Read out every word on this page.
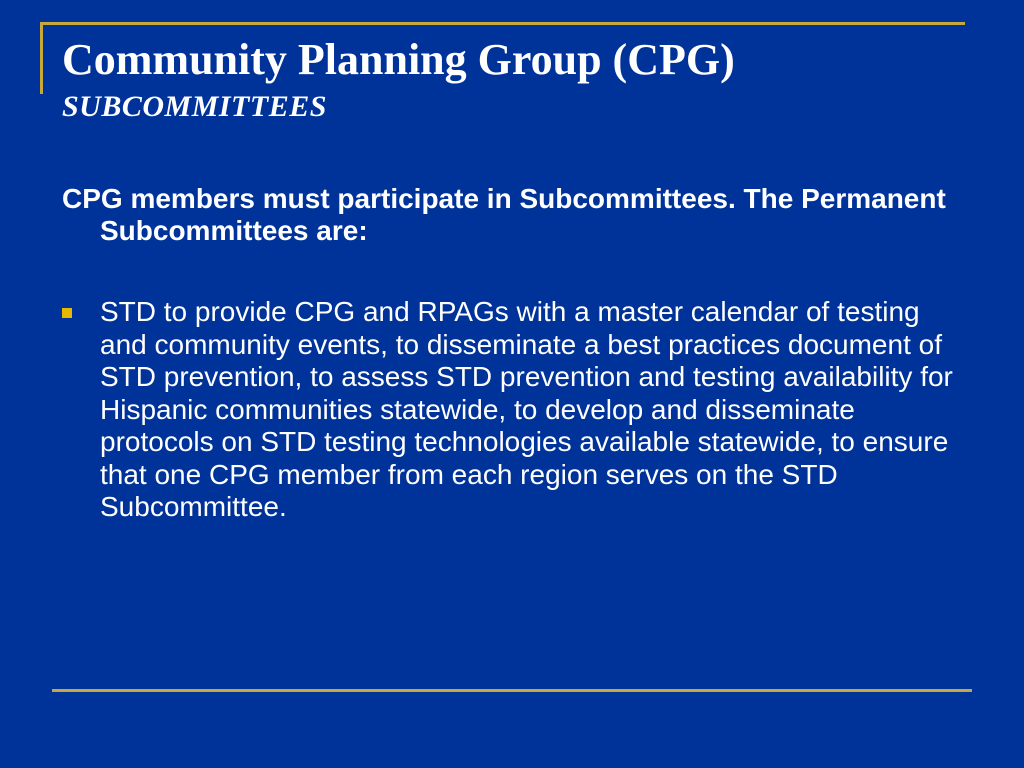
Community Planning Group (CPG)
SUBCOMMITTEES

CPG members must participate in Subcommittees. The Permanent Subcommittees are:

STD to provide CPG and RPAGs with a master calendar of testing and community events, to disseminate a best practices document of STD prevention, to assess STD prevention and testing availability for Hispanic communities statewide, to develop and disseminate protocols on STD testing technologies available statewide, to ensure that one CPG member from each region serves on the STD Subcommittee.
